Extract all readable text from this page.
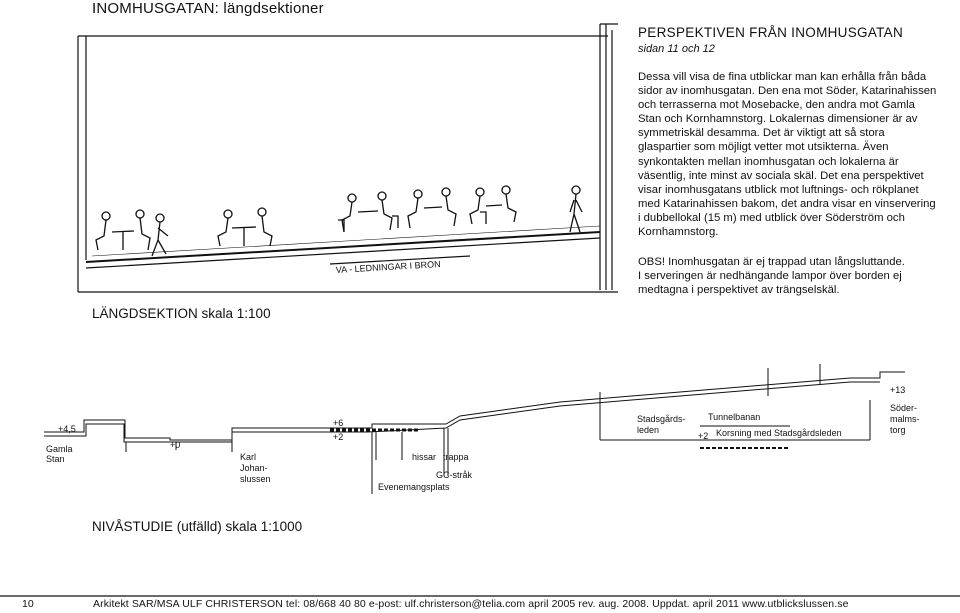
INOMHUSGATAN: längdsektioner
PERSPEKTIVEN FRÅN INOMHUSGATAN
sidan 11 och 12

Dessa vill visa de fina utblickar man kan erhålla från båda sidor av inomhusgatan. Den ena mot Söder, Katarinahissen och terrasserna mot Mosebacke, den andra mot Gamla Stan och Kornhamnstorg. Lokalernas dimensioner är av symmetriskäl desamma. Det är viktigt att så stora glaspartier som möjligt vetter mot utsikterna. Även synkontakten mellan inomhusgatan och lokalerna är väsentlig, inte minst av sociala skäl. Det ena perspektivet visar inomhusgatans utblick mot luftnings- och rökplanet med Katarinahissen bakom, det andra visar en vinservering i dubbellokal (15 m) med utblick över Söderström och Kornhamnstorg.

OBS! Inomhusgatan är ej trappad utan långsluttande.
I serveringen är nedhängande lampor över borden ej medtagna i perspektivet av trängselskäl.
VA - LEDNINGAR I BRON
Gamla
Stan
+4,5
+0
Karl
Johan-
slussen
+6
+2
hissar trappa
GC-stråk
Evenemangsplats
Stadsgårds-
leden
Tunnelbanan
+2 Korsning med Stadsgårdsleden
+13
Söder-
malms-
torg
LÄNGDSEKTION skala 1:100
NIVÅSTUDIE (utfälld) skala 1:1000
10	Arkitekt SAR/MSA ULF CHRISTERSON tel: 08/668 40 80 e-post: ulf.christerson@telia.com april 2005 rev. aug. 2008. Uppdat. april 2011 www.utblickslussen.se
